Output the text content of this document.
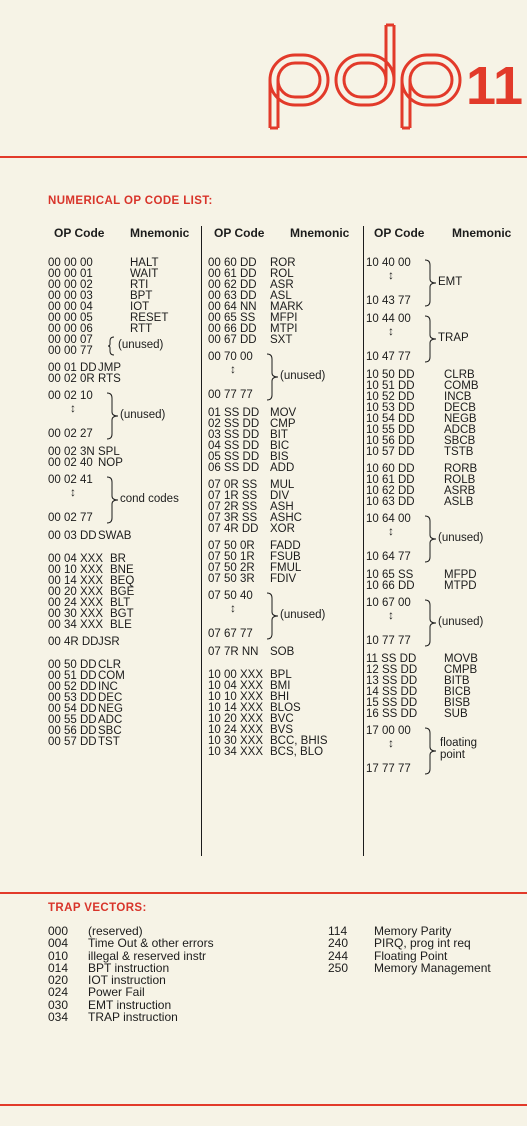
11
NUMERICAL OP CODE LIST:
OP Code Mnemonic
00 00 00	HALT
00 00 01	WAIT
00 00 02	RTI
00 00 03	BPT
00 00 04	IOT
00 00 05	RESET
00 00 06	RTT
00 00 07
00 00 77 (unused)
00 01 DD JMP
00 02 0R RTS
00 02 10
↕
00 02 27
(unused)
00 02 3N SPL
00 02 40 NOP
00 02 41
↕
00 02 77
cond codes
00 03 DD SWAB
00 04 XXX BR
00 10 XXX BNE
00 14 XXX BEQ
00 20 XXX BGE
00 24 XXX BLT
00 30 XXX BGT
00 34 XXX BLE
00 4R DD JSR
00 50 DD CLR
00 51 DD COM
00 52 DD INC
00 53 DD DEC
00 54 DD NEG
00 55 DD ADC
00 56 DD SBC
00 57 DD TST
OP Code Mnemonic
00 60 DD ROR
00 61 DD ROL
00 62 DD ASR
00 63 DD ASL
00 64 NN MARK
00 65 SS MFPI
00 66 DD MTPI
00 67 DD SXT
00 70 00
↕
00 77 77
(unused)
01 SS DD MOV
02 SS DD CMP
03 SS DD BIT
04 SS DD BIC
05 SS DD BIS
06 SS DD ADD
07 0R SS MUL
07 1R SS DIV
07 2R SS ASH
07 3R SS ASHC
07 4R DD XOR
07 50 0R FADD
07 50 1R FSUB
07 50 2R FMUL
07 50 3R FDIV
07 50 40
↕
07 67 77
(unused)
07 7R NN SOB
10 00 XXX BPL
10 04 XXX BMI
10 10 XXX BHI
10 14 XXX BLOS
10 20 XXX BVC
10 24 XXX BVS
10 30 XXX BCC, BHIS
10 34 XXX BCS, BLO
OP Code Mnemonic
10 40 00
↕
10 43 77
EMT
10 44 00
↕
10 47 77
TRAP
10 50 DD	CLRB
10 51 DD	COMB
10 52 DD	INCB
10 53 DD	DECB
10 54 DD	NEGB
10 55 DD	ADCB
10 56 DD	SBCB
10 57 DD	TSTB
10 60 DD	RORB
10 61 DD	ROLB
10 62 DD	ASRB
10 63 DD	ASLB
10 64 00
↕
10 64 77
(unused)
10 65 SS	MFPD
10 66 DD	MTPD
10 67 00
↕
10 77 77
(unused)
11 SS DD MOVB
12 SS DD CMPB
13 SS DD BITB
14 SS DD BICB
15 SS DD BISB
16 SS DD SUB
17 00 00
↕
17 77 77
floating
point
TRAP VECTORS:
000 (reserved)
004 Time Out & other errors
010 illegal & reserved instr
014 BPT instruction
020 IOT instruction
024 Power Fail
030 EMT instruction
034 TRAP instruction
114 Memory Parity
240 PIRQ, prog int req
244 Floating Point
250 Memory Management
